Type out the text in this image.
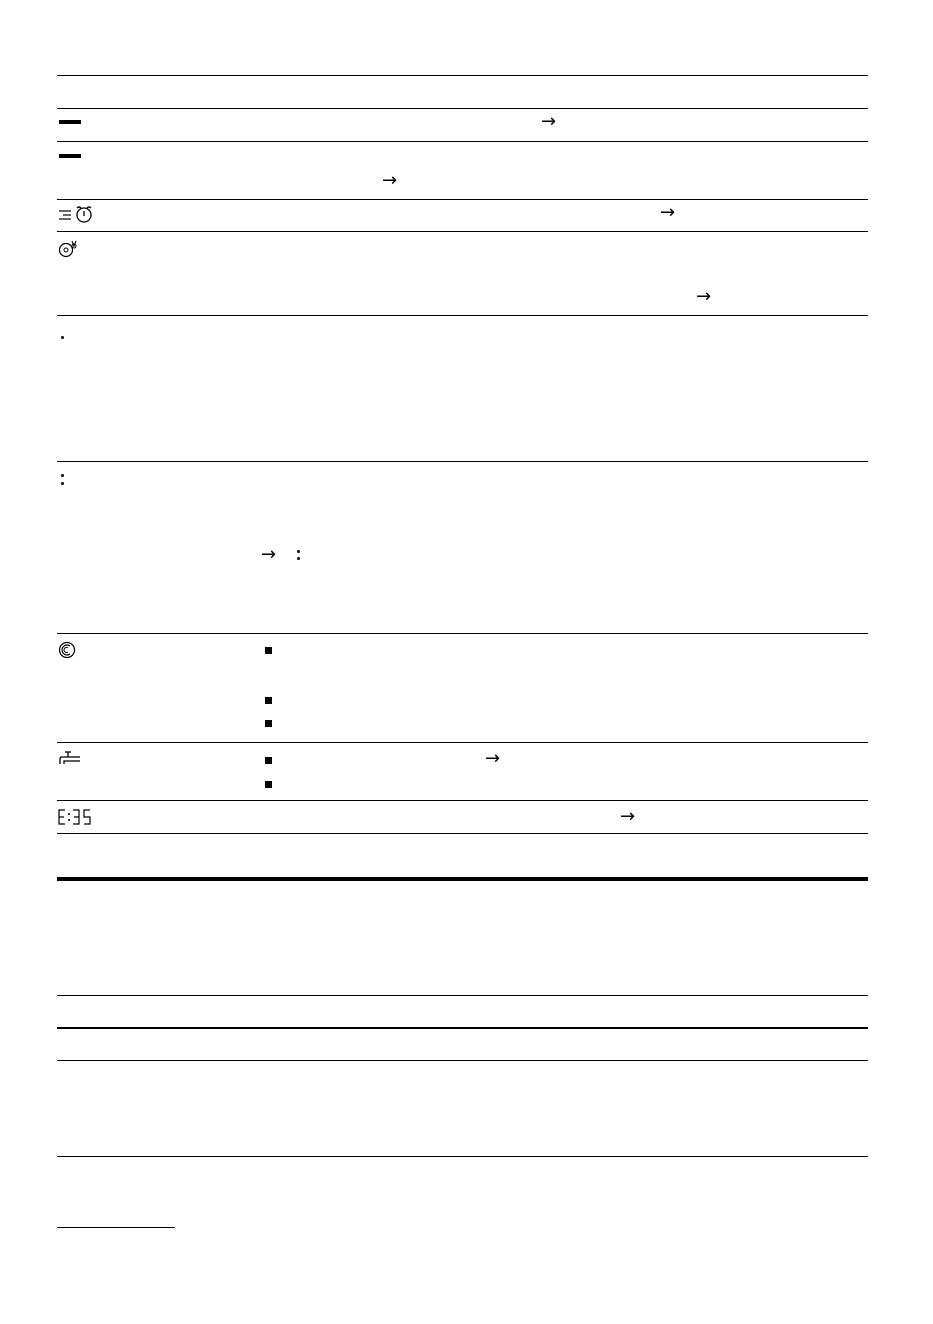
→
→
→
→
→
→
→
